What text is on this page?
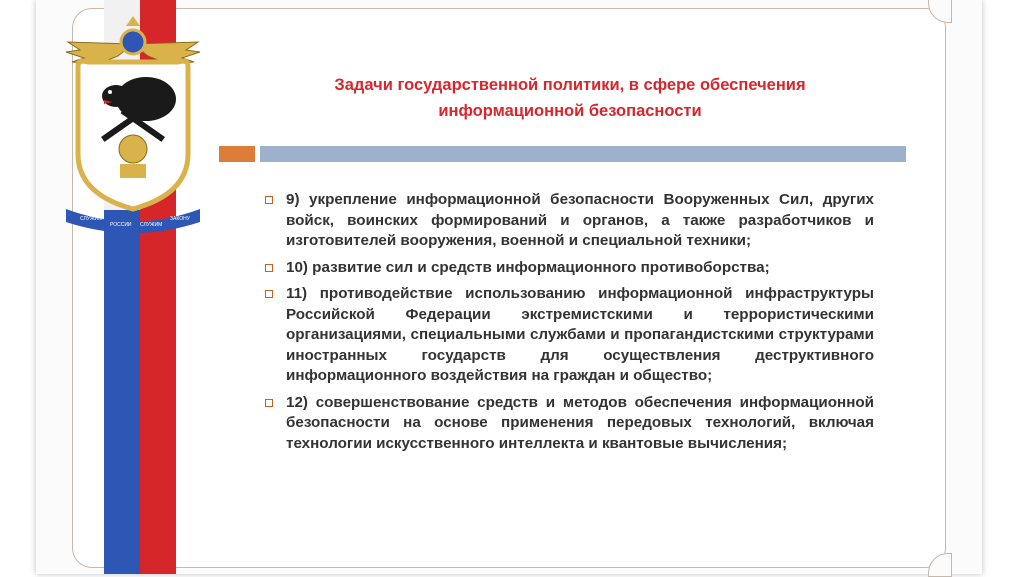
СЛУЖИМ
РОССИИ СЛУЖИМ
ЗАКОНУ
Задачи государственной политики, в сфере обеспечения
информационной безопасности
9) укрепление информационной безопасности Вооруженных Сил, других войск, воинских формирований и органов, а также разработчиков и изготовителей вооружения, военной и специальной техники;
10) развитие сил и средств информационного противоборства;
11) противодействие использованию информационной инфраструктуры Российской Федерации экстремистскими и террористическими организациями, специальными службами и пропагандистскими структурами иностранных государств для осуществления деструктивного информационного воздействия на граждан и общество;
12) совершенствование средств и методов обеспечения информационной безопасности на основе применения передовых технологий, включая технологии искусственного интеллекта и квантовые вычисления;
